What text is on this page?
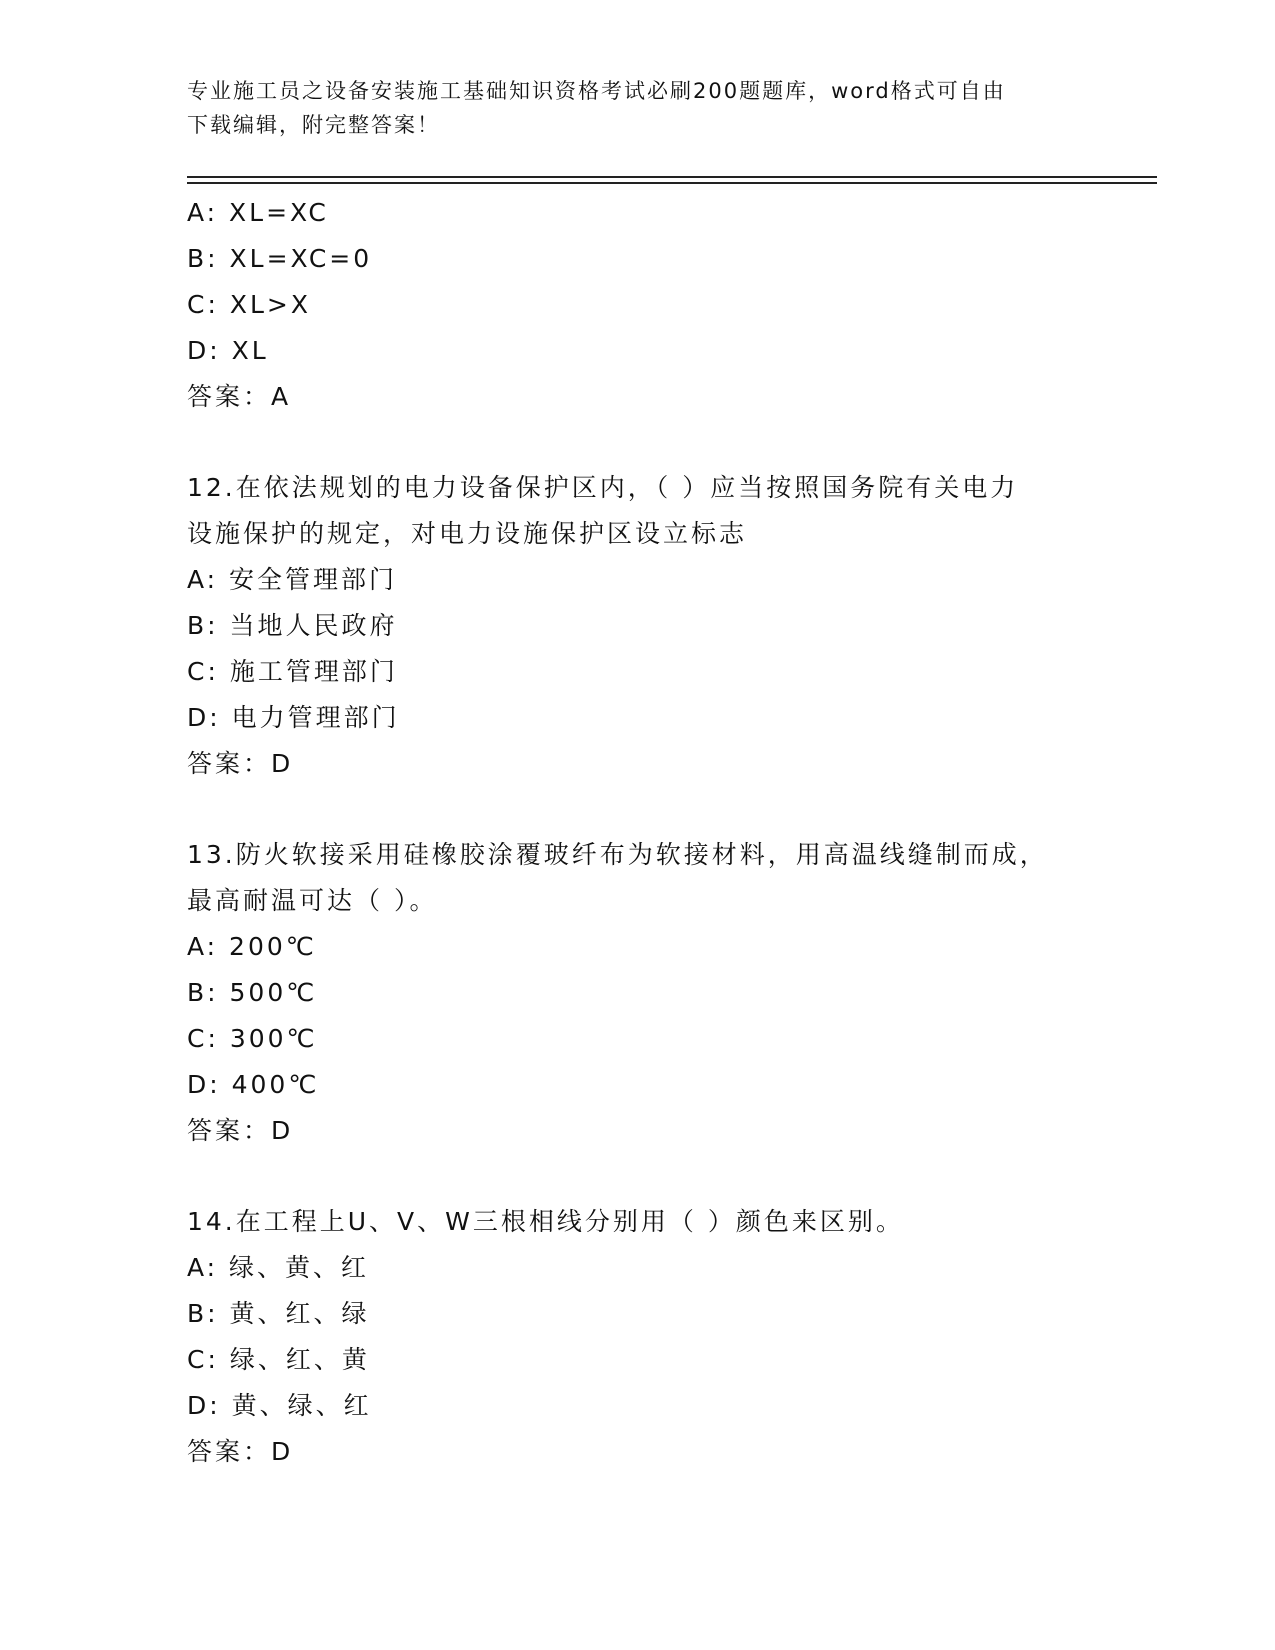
专业施工员之设备安装施工基础知识资格考试必刷200题题库，word格式可自由
下载编辑，附完整答案！
A: XL=XC
B: XL=XC=0
C: XL>X
D: XL
答案：A
12.在依法规划的电力设备保护区内，（ ）应当按照国务院有关电力
设施保护的规定，对电力设施保护区设立标志
A: 安全管理部门
B: 当地人民政府
C: 施工管理部门
D: 电力管理部门
答案：D
13.防火软接采用硅橡胶涂覆玻纤布为软接材料，用高温线缝制而成，
最高耐温可达（ ）。
A: 200℃
B: 500℃
C: 300℃
D: 400℃
答案：D
14.在工程上U、V、W三根相线分别用（ ）颜色来区别。
A: 绿、黄、红
B: 黄、红、绿
C: 绿、红、黄
D: 黄、绿、红
答案：D
